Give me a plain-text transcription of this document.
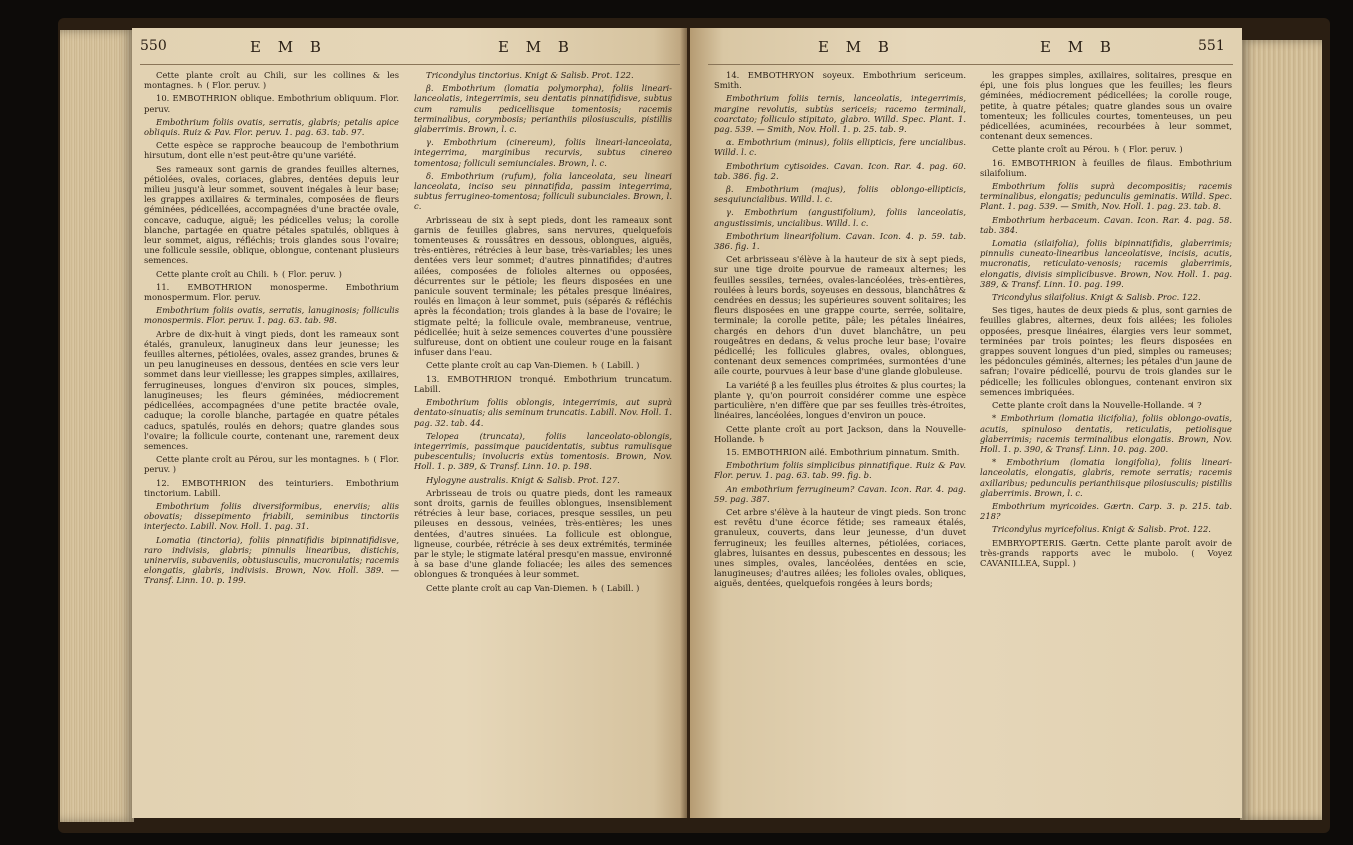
550	E M B	E M B

Cette plante croît au Chili, sur les collines & les montagnes. ♄ ( Flor. peruv. )

10. EMBOTHRION oblique. Embothrium obliquum. Flor. peruv.

Embothrium foliis ovatis, serratis, glabris; petalis apice obliquis. Ruiz & Pav. Flor. peruv. 1. pag. 63. tab. 97.

Cette espèce se rapproche beaucoup de l'embothrium hirsutum, dont elle n'est peut-être qu'une variété.

Ses rameaux sont garnis de grandes feuilles alternes, pétiolées, ovales, coriaces, glabres, dentées depuis leur milieu jusqu'à leur sommet, souvent inégales à leur base; les grappes axillaires & terminales, composées de fleurs géminées, pédicellées, accompagnées d'une bractée ovale, concave, caduque, aiguë; les pédicelles velus; la corolle blanche, partagée en quatre pétales spatulés, obliques à leur sommet, aigus, réfléchis; trois glandes sous l'ovaire; une follicule sessile, oblique, oblongue, contenant plusieurs semences.

Cette plante croît au Chili. ♄ ( Flor. peruv. )

11. EMBOTHRION monosperme. Embothrium monospermum. Flor. peruv.

Embothrium foliis ovatis, serratis, lanuginosis; folliculis monospermis. Flor. peruv. 1. pag. 63. tab. 98.

Arbre de dix-huit à vingt pieds, dont les rameaux sont étalés, granuleux, lanugineux dans leur jeunesse; les feuilles alternes, pétiolées, ovales, assez grandes, brunes & un peu lanugineuses en dessous, dentées en scie vers leur sommet dans leur vieillesse; les grappes simples, axillaires, ferrugineuses, longues d'environ six pouces, simples, lanugineuses; les fleurs géminées, médiocrement pédicellées, accompagnées d'une petite bractée ovale, caduque; la corolle blanche, partagée en quatre pétales caducs, spatulés, roulés en dehors; quatre glandes sous l'ovaire; la follicule courte, contenant une, rarement deux semences.

Cette plante croît au Pérou, sur les montagnes. ♄ ( Flor. peruv. )

12. EMBOTHRION des teinturiers. Embothrium tinctorium. Labill.

Embothrium foliis diversiformibus, enerviis; aliis obovatis; dissepimento friabili, seminibus tinctoriis interjecto. Labill. Nov. Holl. 1. pag. 31.

Lomatia (tinctoria), foliis pinnatifidis bipinnatifidisve, raro indivisis, glabris; pinnulis linearibus, distichis, uninerviis, subaveniis, obtusiusculis, mucronulatis; racemis elongatis, glabris, indivisis. Brown, Nov. Holl. 389. — Transf. Linn. 10. p. 199.

Tricondylus tinctorius. Knigt & Salisb. Prot. 122.

β. Embothrium (lomatia polymorpha), foliis lineari-lanceolatis, integerrimis, seu dentatis pinnatifidisve, subtus cum ramulis pedicellisque tomentosis; racemis terminalibus, corymbosis; perianthiis pilosiusculis, pistillis glaberrimis. Brown, l. c.

γ. Embothrium (cinereum), foliis lineari-lanceolata, integerrima, marginibus recurvis, subtus cinereo tomentosa; folliculi semiunciales. Brown, l. c.

δ. Embothrium (rufum), folia lanceolata, seu lineari lanceolata, inciso seu pinnatifida, passim integerrima, subtus ferrugineo-tomentosa; folliculi subunciales. Brown, l. c.

Arbrisseau de six à sept pieds, dont les rameaux sont garnis de feuilles glabres, sans nervures, quelquefois tomenteuses & roussâtres en dessous, oblongues, aiguës, très-entières, rétrécies à leur base, très-variables; les unes dentées vers leur sommet; d'autres pinnatifides; d'autres ailées, composées de folioles alternes ou opposées, décurrentes sur le pétiole; les fleurs disposées en une panicule souvent terminale; les pétales presque linéaires, roulés en limaçon à leur sommet, puis (séparés & réfléchis après la fécondation; trois glandes à la base de l'ovaire; le stigmate pelté; la follicule ovale, membraneuse, ventrue, pédicellée; huit à seize semences couvertes d'une poussière sulfureuse, dont on obtient une couleur rouge en la faisant infuser dans l'eau.

Cette plante croît au cap Van-Diemen. ♄ ( Labill. )

13. EMBOTHRION tronqué. Embothrium truncatum. Labill.

Embothrium foliis oblongis, integerrimis, aut suprà dentato-sinuatis; alis seminum truncatis. Labill. Nov. Holl. 1. pag. 32. tab. 44.

Telopea (truncata), foliis lanceolato-oblongis, integerrimis, passimque paucidentatis, subtus ramulisque pubescentulis; involucris extùs tomentosis. Brown, Nov. Holl. 1. p. 389, & Transf. Linn. 10. p. 198.

Hylogyne australis. Knigt & Salisb. Prot. 127.

Arbrisseau de trois ou quatre pieds, dont les rameaux sont droits, garnis de feuilles oblongues, insensiblement rétrécies à leur base, coriaces, presque sessiles, un peu pileuses en dessous, veinées, très-entières; les unes dentées, d'autres sinuées. La follicule est oblongue, ligneuse, courbée, rétrécie à ses deux extrémités, terminée par le style; le stigmate latéral presqu'en massue, environné à sa base d'une glande foliacée; les ailes des semences oblongues & tronquées à leur sommet.

Cette plante croît au cap Van-Diemen. ♄ ( Labill. )

E M B	E M B	551

14. EMBOTHRYON soyeux. Embothrium sericeum. Smith.

Embothrium foliis ternis, lanceolatis, integerrimis, margine revolutis, subtùs sericeis; racemo terminali, coarctato; folliculo stipitato, glabro. Willd. Spec. Plant. 1. pag. 539. — Smith, Nov. Holl. 1. p. 25. tab. 9.

α. Embothrium (minus), foliis ellipticis, fere uncialibus. Willd. l. c.

Embothrium cytisoides. Cavan. Icon. Rar. 4. pag. 60. tab. 386. fig. 2.

β. Embothrium (majus), foliis oblongo-ellipticis, sesquiuncialibus. Willd. l. c.

γ. Embothrium (angustifolium), foliis lanceolatis, angustissimis, uncialibus. Willd. l. c.

Embothrium linearifolium. Cavan. Icon. 4. p. 59. tab. 386. fig. 1.

Cet arbrisseau s'élève à la hauteur de six à sept pieds, sur une tige droite pourvue de rameaux alternes; les feuilles sessiles, ternées, ovales-lancéolées, très-entières, roulées à leurs bords, soyeuses en dessous, blanchâtres & cendrées en dessus; les supérieures souvent solitaires; les fleurs disposées en une grappe courte, serrée, solitaire, terminale; la corolle petite, pâle; les pétales linéaires, chargés en dehors d'un duvet blanchâtre, un peu rougeâtres en dedans, & velus proche leur base; l'ovaire pédicellé; les follicules glabres, ovales, oblongues, contenant deux semences comprimées, surmontées d'une aile courte, pourvues à leur base d'une glande globuleuse.

La variété β a les feuilles plus étroites & plus courtes; la plante γ, qu'on pourroit considérer comme une espèce particulière, n'en diffère que par ses feuilles très-étroites, linéaires, lancéolées, longues d'environ un pouce.

Cette plante croît au port Jackson, dans la Nouvelle-Hollande. ♄

15. EMBOTHRION ailé. Embothrium pinnatum. Smith.

Embothrium foliis simplicibus pinnatifique. Ruiz & Pav. Flor. peruv. 1. pag. 63. tab. 99. fig. b.

An embothrium ferrugineum? Cavan. Icon. Rar. 4. pag. 59. pag. 387.

Cet arbre s'élève à la hauteur de vingt pieds. Son tronc est revêtu d'une écorce fétide; ses rameaux étalés, granuleux, couverts, dans leur jeunesse, d'un duvet ferrugineux; les feuilles alternes, pétiolées, coriaces, glabres, luisantes en dessus, pubescentes en dessous; les unes simples, ovales, lancéolées, dentées en scie, lanugineuses; d'autres ailées; les folioles ovales, obliques, aiguës, dentées, quelquefois rongées à leurs bords;

les grappes simples, axillaires, solitaires, presque en épi, une fois plus longues que les feuilles; les fleurs géminées, médiocrement pédicellées; la corolle rouge, petite, à quatre pétales; quatre glandes sous un ovaire tomenteux; les follicules courtes, tomenteuses, un peu pédicellées, acuminées, recourbées à leur sommet, contenant deux semences.

Cette plante croît au Pérou. ♄ ( Flor. peruv. )

16. EMBOTHRION à feuilles de filaus. Embothrium silaifolium.

Embothrium foliis suprà decompositis; racemis terminalibus, elongatis; pedunculis geminatis. Willd. Spec. Plant. 1. pag. 539. — Smith, Nov. Holl. 1. pag. 23. tab. 8.

Embothrium herbaceum. Cavan. Icon. Rar. 4. pag. 58. tab. 384.

Lomatia (silaifolia), foliis bipinnatifidis, glaberrimis; pinnulis cuneato-linearibus lanceolatisve, incisis, acutis, mucronatis, reticulato-venosis; racemis glaberrimis, elongatis, divisis simplicibusve. Brown, Nov. Holl. 1. pag. 389, & Transf. Linn. 10. pag. 199.

Tricondylus silaifolius. Knigt & Salisb. Proc. 122.

Ses tiges, hautes de deux pieds & plus, sont garnies de feuilles glabres, alternes, deux fois ailées; les folioles opposées, presque linéaires, élargies vers leur sommet, terminées par trois pointes; les fleurs disposées en grappes souvent longues d'un pied, simples ou rameuses; les pédoncules géminés, alternes; les pétales d'un jaune de safran; l'ovaire pédicellé, pourvu de trois glandes sur le pédicelle; les follicules oblongues, contenant environ six semences imbriquées.

Cette plante croît dans la Nouvelle-Hollande. ♃ ?

* Embothrium (lomatia ilicifolia), foliis oblongo-ovatis, acutis, spinuloso dentatis, reticulatis, petiolisque glaberrimis; racemis terminalibus elongatis. Brown, Nov. Holl. 1. p. 390, & Transf. Linn. 10. pag. 200.

* Embothrium (lomatia longifolia), foliis lineari-lanceolatis, elongatis, glabris, remote serratis; racemis axillaribus; pedunculis perianthiisque pilosiusculis; pistillis glaberrimis. Brown, l. c.

Embothrium myricoides. Gærtn. Carp. 3. p. 215. tab. 218?

Tricondylus myricefolius. Knigt & Salisb. Prot. 122.

EMBRYOPTERIS. Gærtn. Cette plante paroît avoir de très-grands rapports avec le mubolo. ( Voyez CAVANILLEA, Suppl. )
